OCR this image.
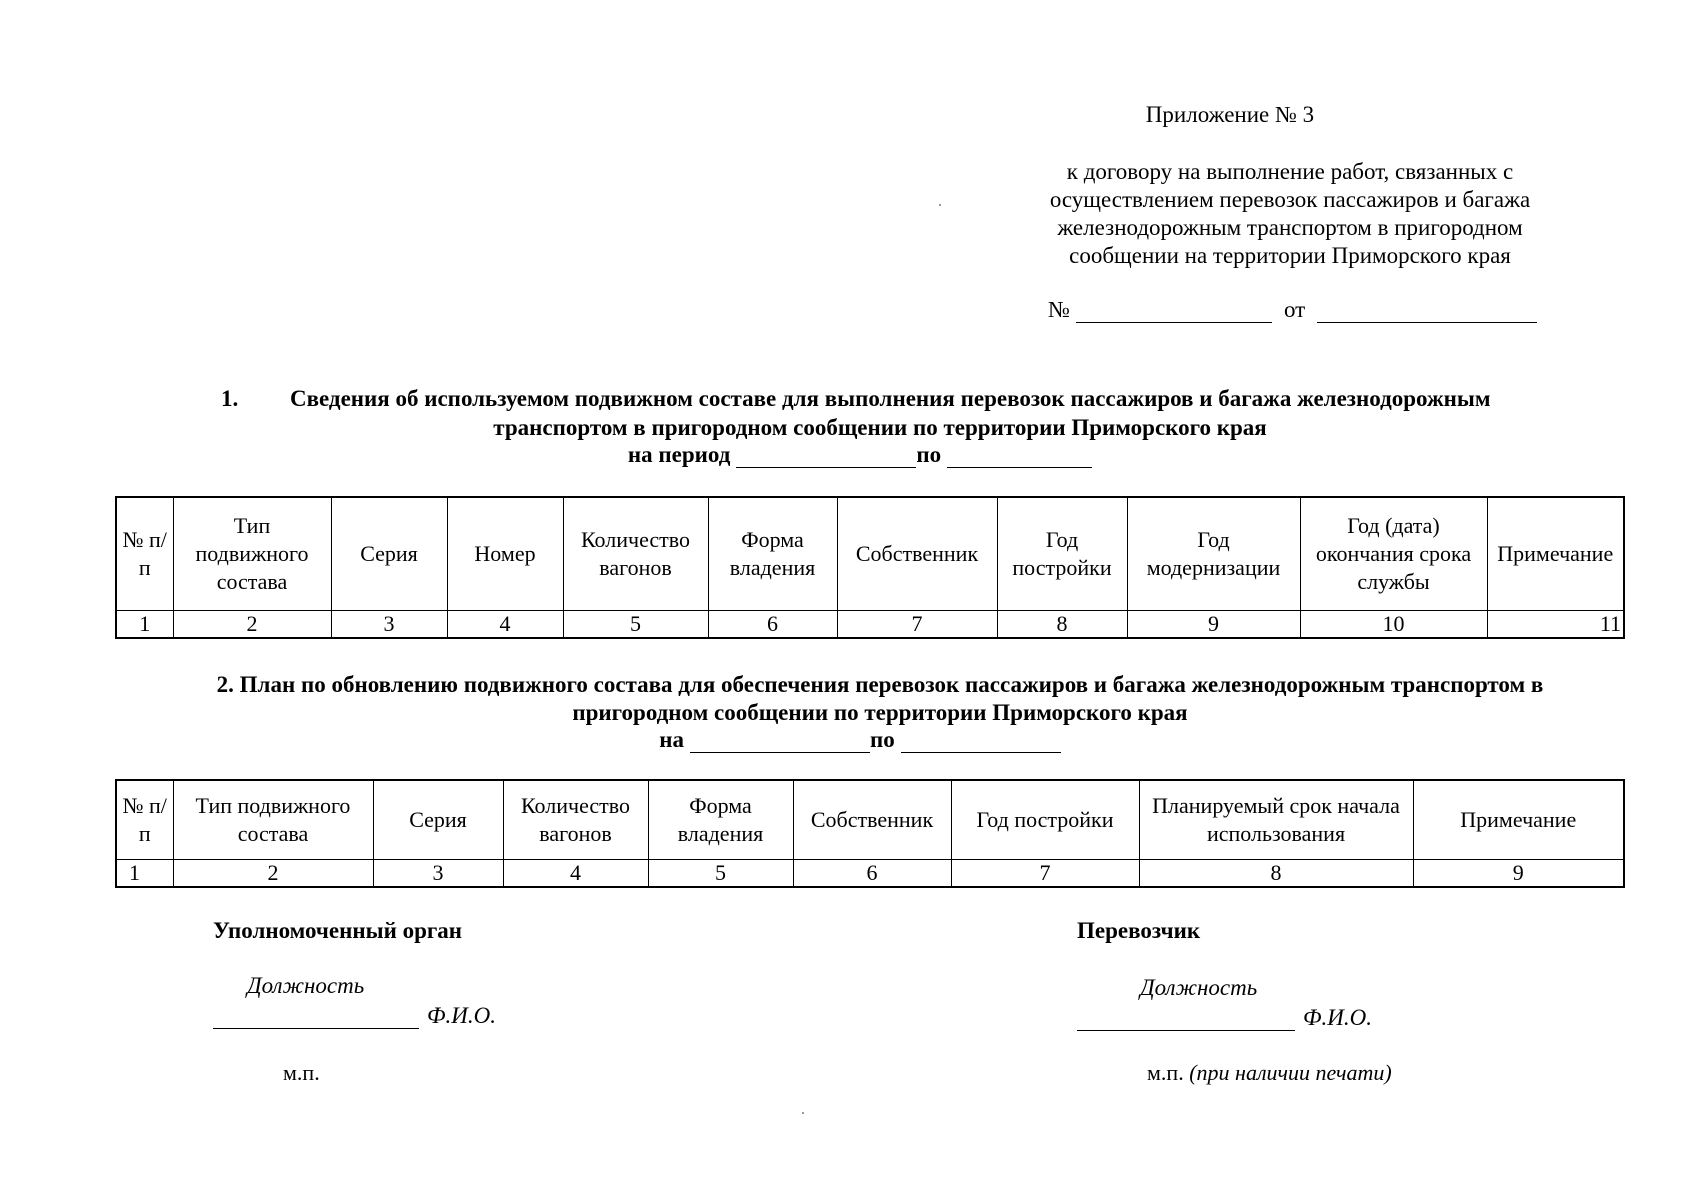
Приложение № 3
к договору на выполнение работ, связанных с осуществлением перевозок пассажиров и багажа железнодорожным транспортом в пригородном сообщении на территории Приморского края
№	от
1. Сведения об используемом подвижном составе для выполнения перевозок пассажиров и багажа железнодорожным
транспортом в пригородном сообщении по территории Приморского края
на период	по
№ п/п	Тип подвижного состава	Серия	Номер	Количество вагонов	Форма владения	Собственник	Год постройки	Год модернизации	Год (дата) окончания срока службы	Примечание
1	2	3	4	5	6	7	8	9	10	11
2. План по обновлению подвижного состава для обеспечения перевозок пассажиров и багажа железнодорожным транспортом в
пригородном сообщении по территории Приморского края
на	по
№ п/п	Тип подвижного состава	Серия	Количество вагонов	Форма владения	Собственник	Год постройки	Планируемый срок начала использования	Примечание
1	2	3	4	5	6	7	8	9
Уполномоченный орган	Перевозчик
Должность	Должность
Ф.И.О.	Ф.И.О.
м.п.	м.п. (при наличии печати)
